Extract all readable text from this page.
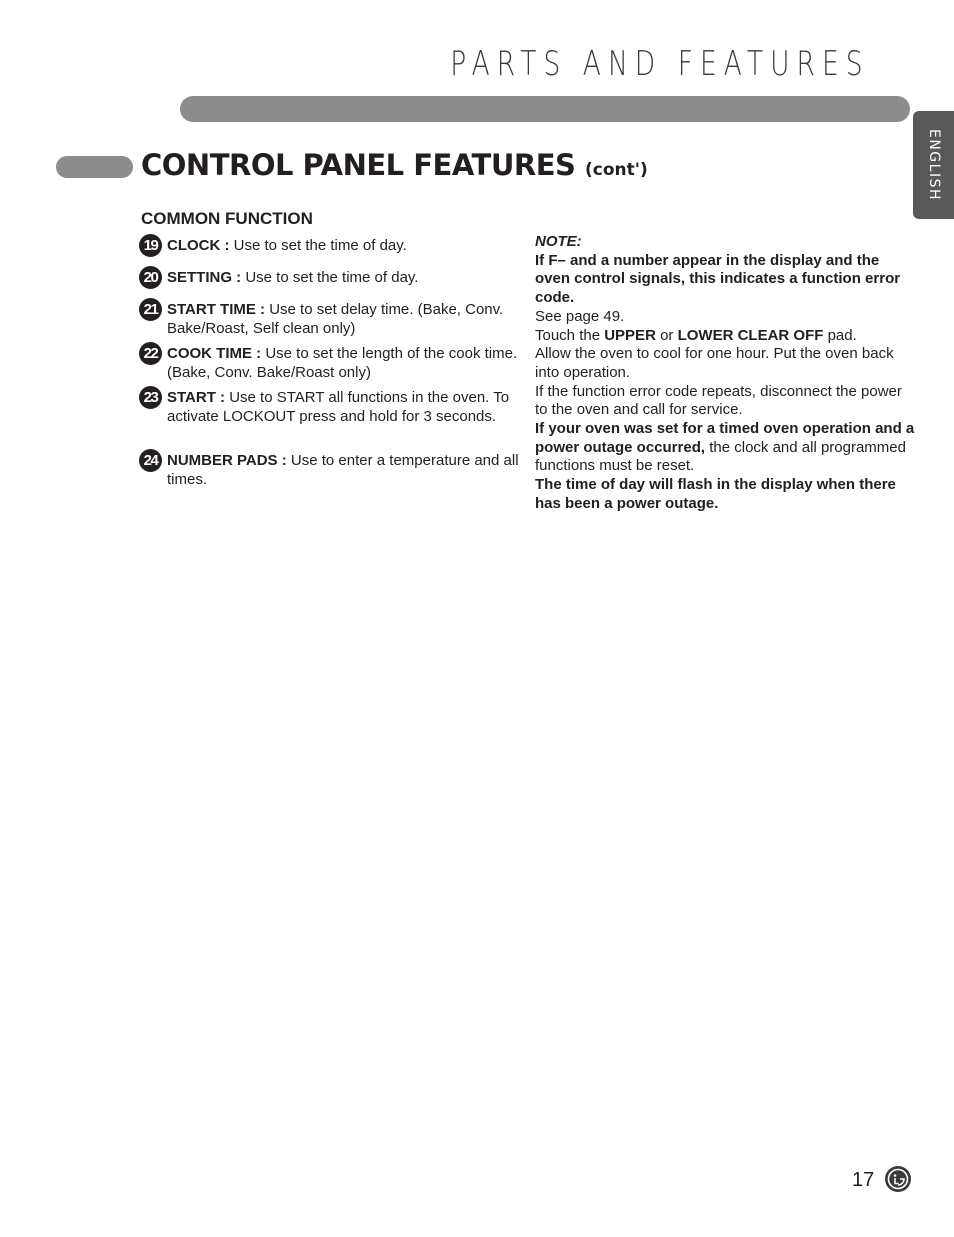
PARTS AND FEATURES
ENGLISH
CONTROL PANEL FEATURES (cont')
COMMON FUNCTION
19 CLOCK : Use to set the time of day.
20 SETTING : Use to set the time of day.
21 START TIME : Use to set delay time. (Bake, Conv. Bake/Roast, Self clean only)
22 COOK TIME : Use to set the length of the cook time. (Bake, Conv. Bake/Roast only)
23 START : Use to START all functions in the oven. To activate LOCKOUT press and hold for 3 seconds.
24 NUMBER PADS : Use to enter a temperature and all times.

NOTE:

If F– and a number appear in the display and the oven control signals, this indicates a function error code.

See page 49.

Touch the UPPER or LOWER CLEAR OFF pad.

Allow the oven to cool for one hour. Put the oven back into operation.

If the function error code repeats, disconnect the power to the oven and call for service.

If your oven was set for a timed oven operation and a power outage occurred, the clock and all programmed functions must be reset.

The time of day will flash in the display when there has been a power outage.

17
